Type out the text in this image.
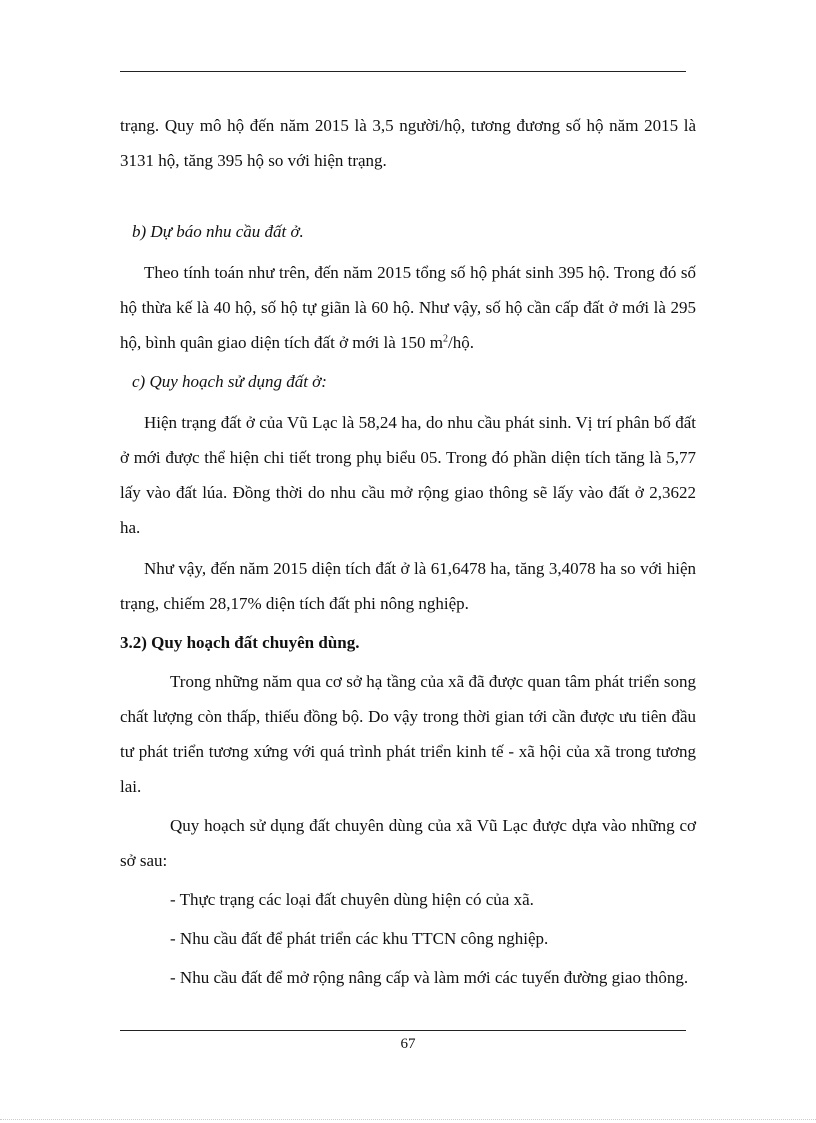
trạng. Quy mô hộ đến năm 2015 là 3,5 người/hộ, tương đương số hộ năm 2015 là 3131 hộ, tăng 395 hộ so với hiện trạng.

b) Dự báo nhu cầu đất ở.

Theo tính toán như trên, đến năm 2015 tổng số hộ phát sinh 395 hộ. Trong đó số hộ thừa kế là 40 hộ, số hộ tự giãn là 60 hộ. Như vậy, số hộ cần cấp đất ở mới là 295 hộ, bình quân giao diện tích đất ở mới là 150 $m^2/hộ$.

c) Quy hoạch sử dụng đất ở:

Hiện trạng đất ở của Vũ Lạc là 58,24 ha, do nhu cầu phát sinh. Vị trí phân bố đất ở mới được thể hiện chi tiết trong phụ biểu 05. Trong đó phần diện tích tăng là 5,77 lấy vào đất lúa. Đồng thời do nhu cầu mở rộng giao thông sẽ lấy vào đất ở 2,3622 ha.

Như vậy, đến năm 2015 diện tích đất ở là 61,6478 ha, tăng 3,4078 ha so với hiện trạng, chiếm 28,17% diện tích đất phi nông nghiệp.

3.2) Quy hoạch đất chuyên dùng.

Trong những năm qua cơ sở hạ tầng của xã đã được quan tâm phát triển song chất lượng còn thấp, thiếu đồng bộ. Do vậy trong thời gian tới cần được ưu tiên đầu tư phát triển tương xứng với quá trình phát triển kinh tế - xã hội của xã trong tương lai.

Quy hoạch sử dụng đất chuyên dùng của xã Vũ Lạc được dựa vào những cơ sở sau:

- Thực trạng các loại đất chuyên dùng hiện có của xã.

- Nhu cầu đất để phát triển các khu TTCN công nghiệp.

- Nhu cầu đất để mở rộng nâng cấp và làm mới các tuyến đường giao thông.

67
